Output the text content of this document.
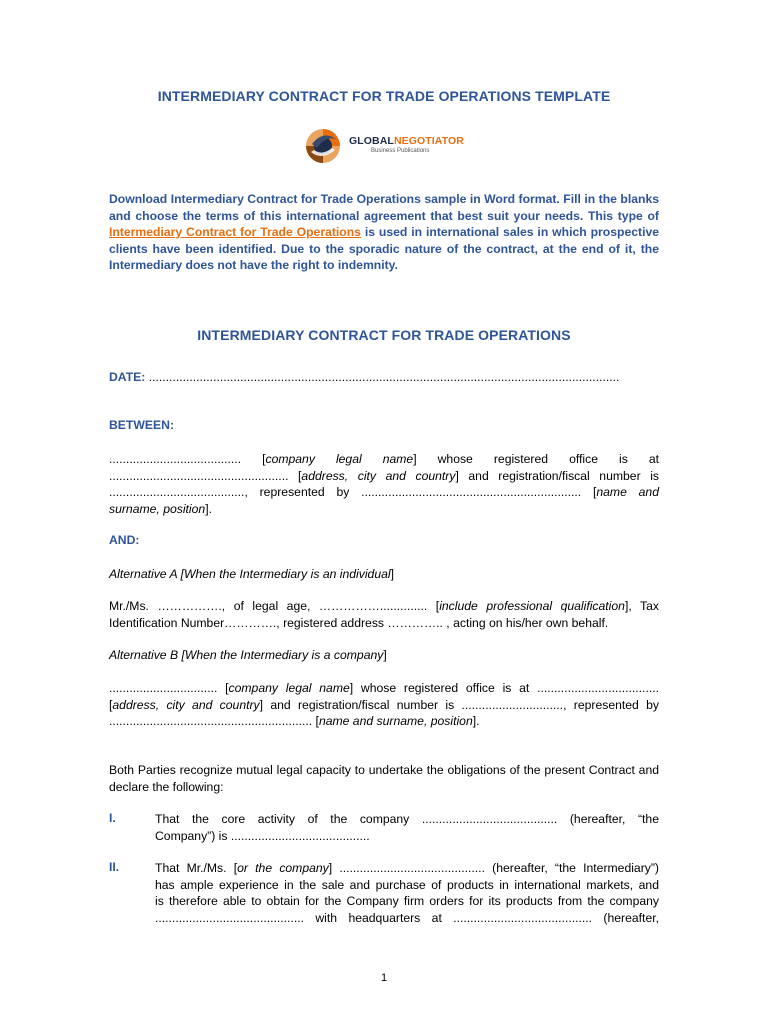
INTERMEDIARY CONTRACT FOR TRADE OPERATIONS TEMPLATE
GLOBALNEGOTIATOR
Business Publications
Download Intermediary Contract for Trade Operations sample in Word format. Fill in the blanks and choose the terms of this international agreement that best suit your needs. This type of Intermediary Contract for Trade Operations is used in international sales in which prospective clients have been identified. Due to the sporadic nature of the contract, at the end of it, the Intermediary does not have the right to indemnity.
INTERMEDIARY CONTRACT FOR TRADE OPERATIONS
DATE: ...........................................................................................................................................
BETWEEN:
....................................... [company legal name] whose registered office is at
..................................................... [address, city and country] and registration/fiscal number is
........................................, represented by ................................................................. [name and
surname, position].
AND:
Alternative A [When the Intermediary is an individual]
Mr./Ms. ……………., of legal age, …………….............. [include professional qualification], Tax
Identification Number…………., registered address ………….. , acting on his/her own behalf.
Alternative B [When the Intermediary is a company]
................................ [company legal name] whose registered office is at ....................................
[address, city and country] and registration/fiscal number is .............................., represented by
............................................................ [name and surname, position].
Both Parties recognize mutual legal capacity to undertake the obligations of the present Contract and declare the following:
I.	That the core activity of the company ........................................ (hereafter, “the
Company”) is .........................................
II.	That Mr./Ms. [or the company] ........................................... (hereafter, “the Intermediary”)
has ample experience in the sale and purchase of products in international markets, and
is therefore able to obtain for the Company firm orders for its products from the company
............................................ with headquarters at ......................................... (hereafter,
1
